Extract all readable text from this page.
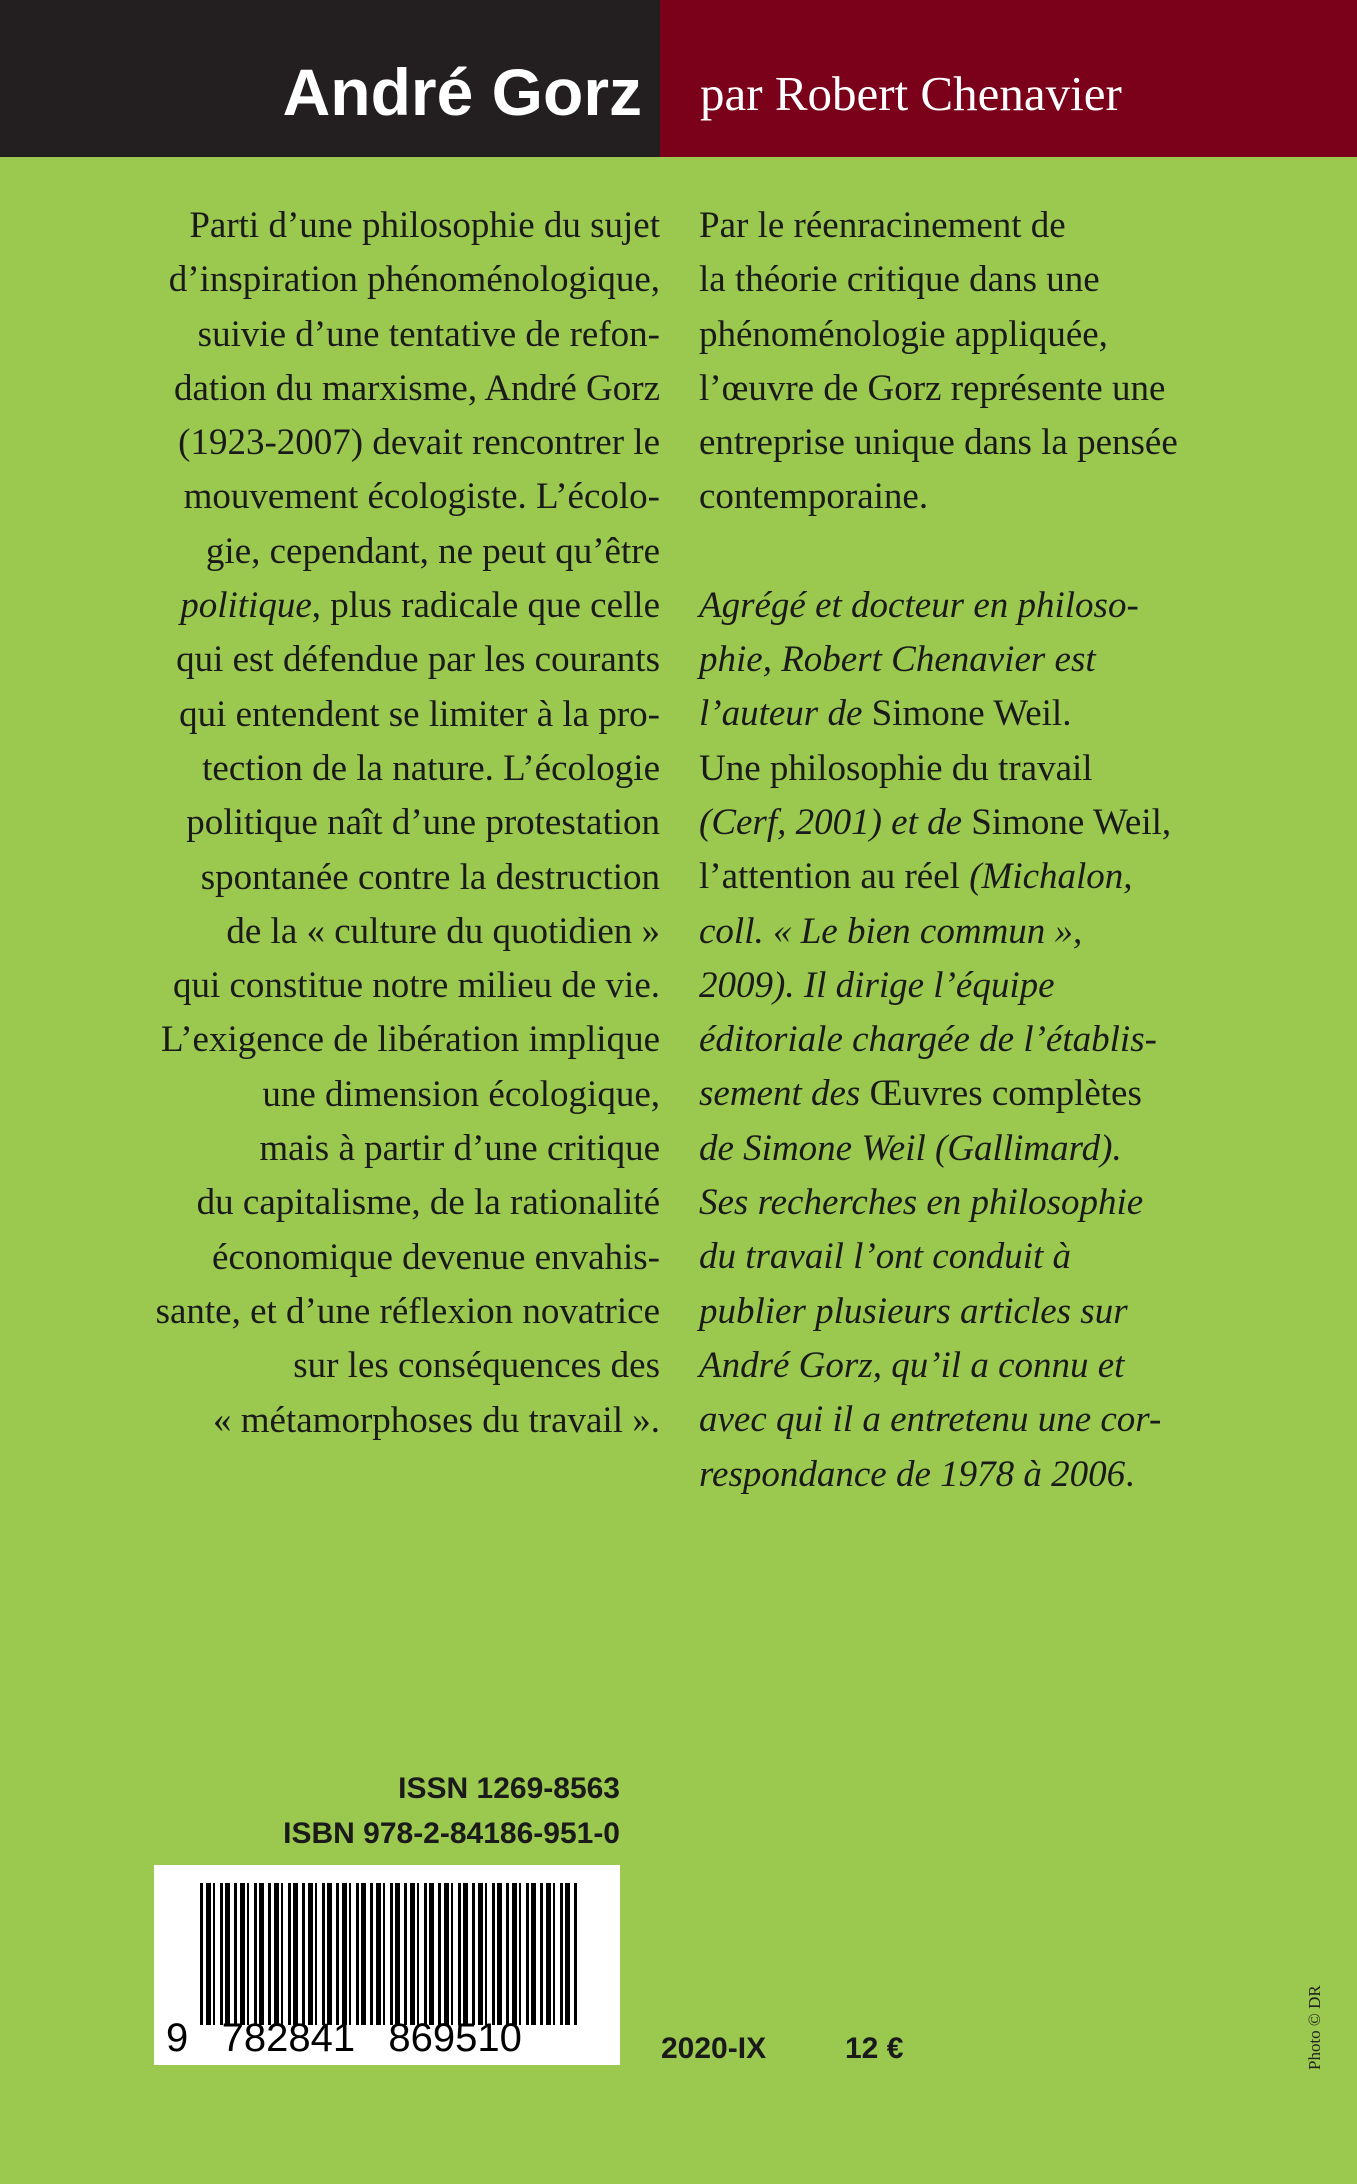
André Gorz par Robert Chenavier
Parti d’une philosophie du sujet
d’inspiration phénoménologique,
suivie d’une tentative de refon-
dation du marxisme, André Gorz
(1923-2007) devait rencontrer le
mouvement écologiste. L’écolo-
gie, cependant, ne peut qu’être
politique, plus radicale que celle
qui est défendue par les courants
qui entendent se limiter à la pro-
tection de la nature. L’écologie
politique naît d’une protestation
spontanée contre la destruction
de la « culture du quotidien »
qui constitue notre milieu de vie.
L’exigence de libération implique
une dimension écologique,
mais à partir d’une critique
du capitalisme, de la rationalité
économique devenue envahis-
sante, et d’une réflexion novatrice
sur les conséquences des
« métamorphoses du travail ».
Par le réenracinement de
la théorie critique dans une
phénoménologie appliquée,
l’œuvre de Gorz représente une
entreprise unique dans la pensée
contemporaine.
Agrégé et docteur en philoso-
phie, Robert Chenavier est
l’auteur de Simone Weil.
Une philosophie du travail
(Cerf, 2001) et de Simone Weil,
l’attention au réel (Michalon,
coll. « Le bien commun »,
2009). Il dirige l’équipe
éditoriale chargée de l’établis-
sement des Œuvres complètes
de Simone Weil (Gallimard).
Ses recherches en philosophie
du travail l’ont conduit à
publier plusieurs articles sur
André Gorz, qu’il a connu et
avec qui il a entretenu une cor-
respondance de 1978 à 2006.
ISSN 1269-8563
ISBN 978-2-84186-951-0
9   782841   869510	2020-IX	12 €	Photo © DR
